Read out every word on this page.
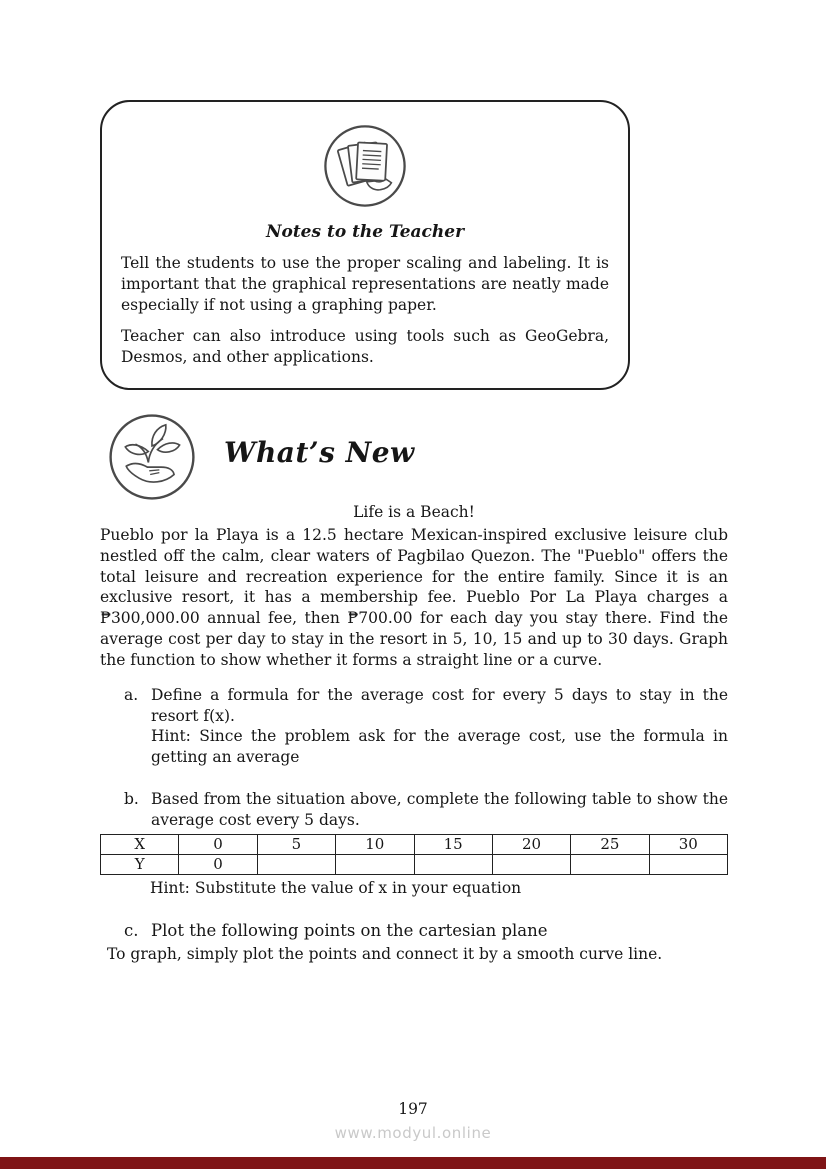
Notes to the Teacher

Tell the students to use the proper scaling and labeling. It is important that the graphical representations are neatly made especially if not using a graphing paper.

Teacher can also introduce using tools such as GeoGebra, Desmos, and other applications.

What’s New

Life is a Beach!

Pueblo por la Playa is a 12.5 hectare Mexican-inspired exclusive leisure club nestled off the calm, clear waters of Pagbilao Quezon. The "Pueblo" offers the total leisure and recreation experience for the entire family. Since it is an exclusive resort, it has a membership fee. Pueblo Por La Playa charges a ₱300,000.00 annual fee, then ₱700.00 for each day you stay there. Find the average cost per day to stay in the resort in 5, 10, 15 and up to 30 days. Graph the function to show whether it forms a straight line or a curve.

a. Define a formula for the average cost for every 5 days to stay in the resort f(x).
Hint: Since the problem ask for the average cost, use the formula in getting an average
b. Based from the situation above, complete the following table to show the average cost every 5 days.
X	0	5	10	15	20	25	30
Y	0						

Hint: Substitute the value of x in your equation

c. Plot the following points on the cartesian plane

To graph, simply plot the points and connect it by a smooth curve line.

197
www.modyul.online
